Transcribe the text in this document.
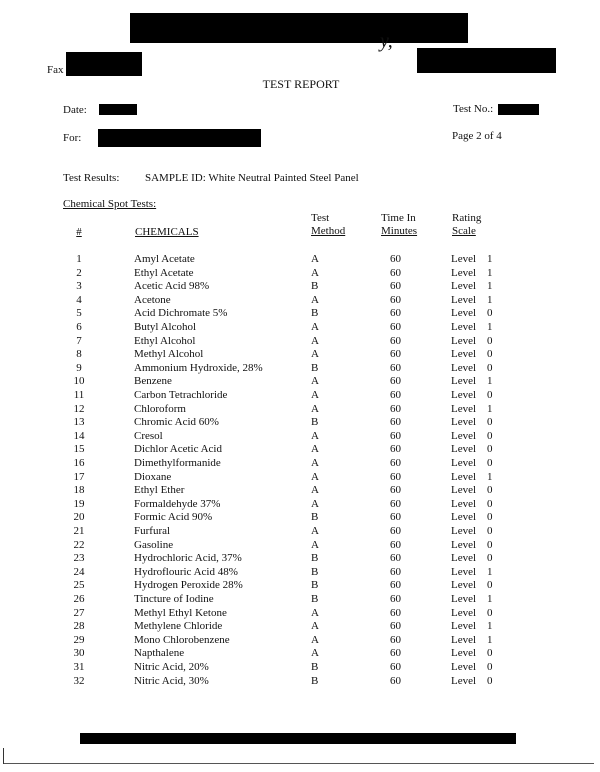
y,
Fax
TEST REPORT
Date:	Test No.:
For:	Page 2 of 4
Test Results: SAMPLE ID: White Neutral Painted Steel Panel
Chemical Spot Tests:
#	CHEMICALS
Test
Method
Time In
Minutes
Rating
Scale
1	Amyl Acetate	A	60	Level 1
2	Ethyl Acetate	A	60	Level 1
3	Acetic Acid 98%	B	60	Level 1
4	Acetone	A	60	Level 1
5	Acid Dichromate 5%	B	60	Level 0
6	Butyl Alcohol	A	60	Level 1
7	Ethyl Alcohol	A	60	Level 0
8	Methyl Alcohol	A	60	Level 0
9	Ammonium Hydroxide, 28%	B	60	Level 0
10	Benzene	A	60	Level 1
11	Carbon Tetrachloride	A	60	Level 0
12	Chloroform	A	60	Level 1
13	Chromic Acid 60%	B	60	Level 0
14	Cresol	A	60	Level 0
15	Dichlor Acetic Acid	A	60	Level 0
16	Dimethylformanide	A	60	Level 0
17	Dioxane	A	60	Level 1
18	Ethyl Ether	A	60	Level 0
19	Formaldehyde 37%	A	60	Level 0
20	Formic Acid 90%	B	60	Level 0
21	Furfural	A	60	Level 0
22	Gasoline	A	60	Level 0
23	Hydrochloric Acid, 37%	B	60	Level 0
24	Hydroflouric Acid 48%	B	60	Level 1
25	Hydrogen Peroxide 28%	B	60	Level 0
26	Tincture of Iodine	B	60	Level 1
27	Methyl Ethyl Ketone	A	60	Level 0
28	Methylene Chloride	A	60	Level 1
29	Mono Chlorobenzene	A	60	Level 1
30	Napthalene	A	60	Level 0
31	Nitric Acid, 20%	B	60	Level 0
32	Nitric Acid, 30%	B	60	Level 0
